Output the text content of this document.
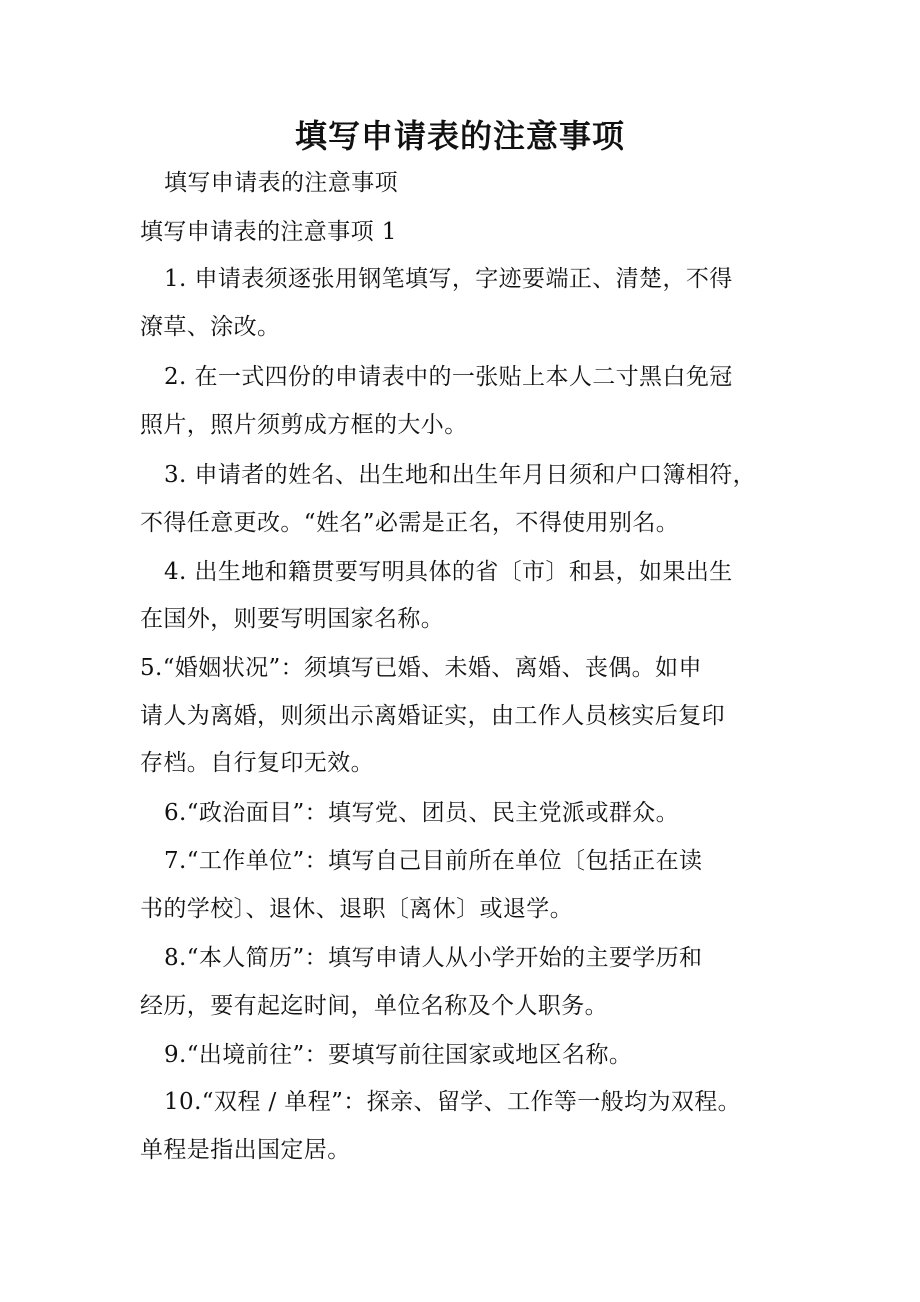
填写申请表的注意事项
填写申请表的注意事项
填写申请表的注意事项 1
1. 申请表须逐张用钢笔填写，字迹要端正、清楚，不得
潦草、涂改。
2. 在一式四份的申请表中的一张贴上本人二寸黑白免冠
照片，照片须剪成方框的大小。
3. 申请者的姓名、出生地和出生年月日须和户口簿相符，
不得任意更改。“姓名”必需是正名，不得使用别名。
4. 出生地和籍贯要写明具体的省〔市〕和县，如果出生
在国外，则要写明国家名称。
5.“婚姻状况”：须填写已婚、未婚、离婚、丧偶。如申
请人为离婚，则须出示离婚证实，由工作人员核实后复印
存档。自行复印无效。
6.“政治面目”：填写党、团员、民主党派或群众。
7.“工作单位”：填写自己目前所在单位〔包括正在读
书的学校〕、退休、退职〔离休〕或退学。
8.“本人简历”：填写申请人从小学开始的主要学历和
经历，要有起迄时间，单位名称及个人职务。
9.“出境前往”：要填写前往国家或地区名称。
10.“双程 / 单程”：探亲、留学、工作等一般均为双程。
单程是指出国定居。
